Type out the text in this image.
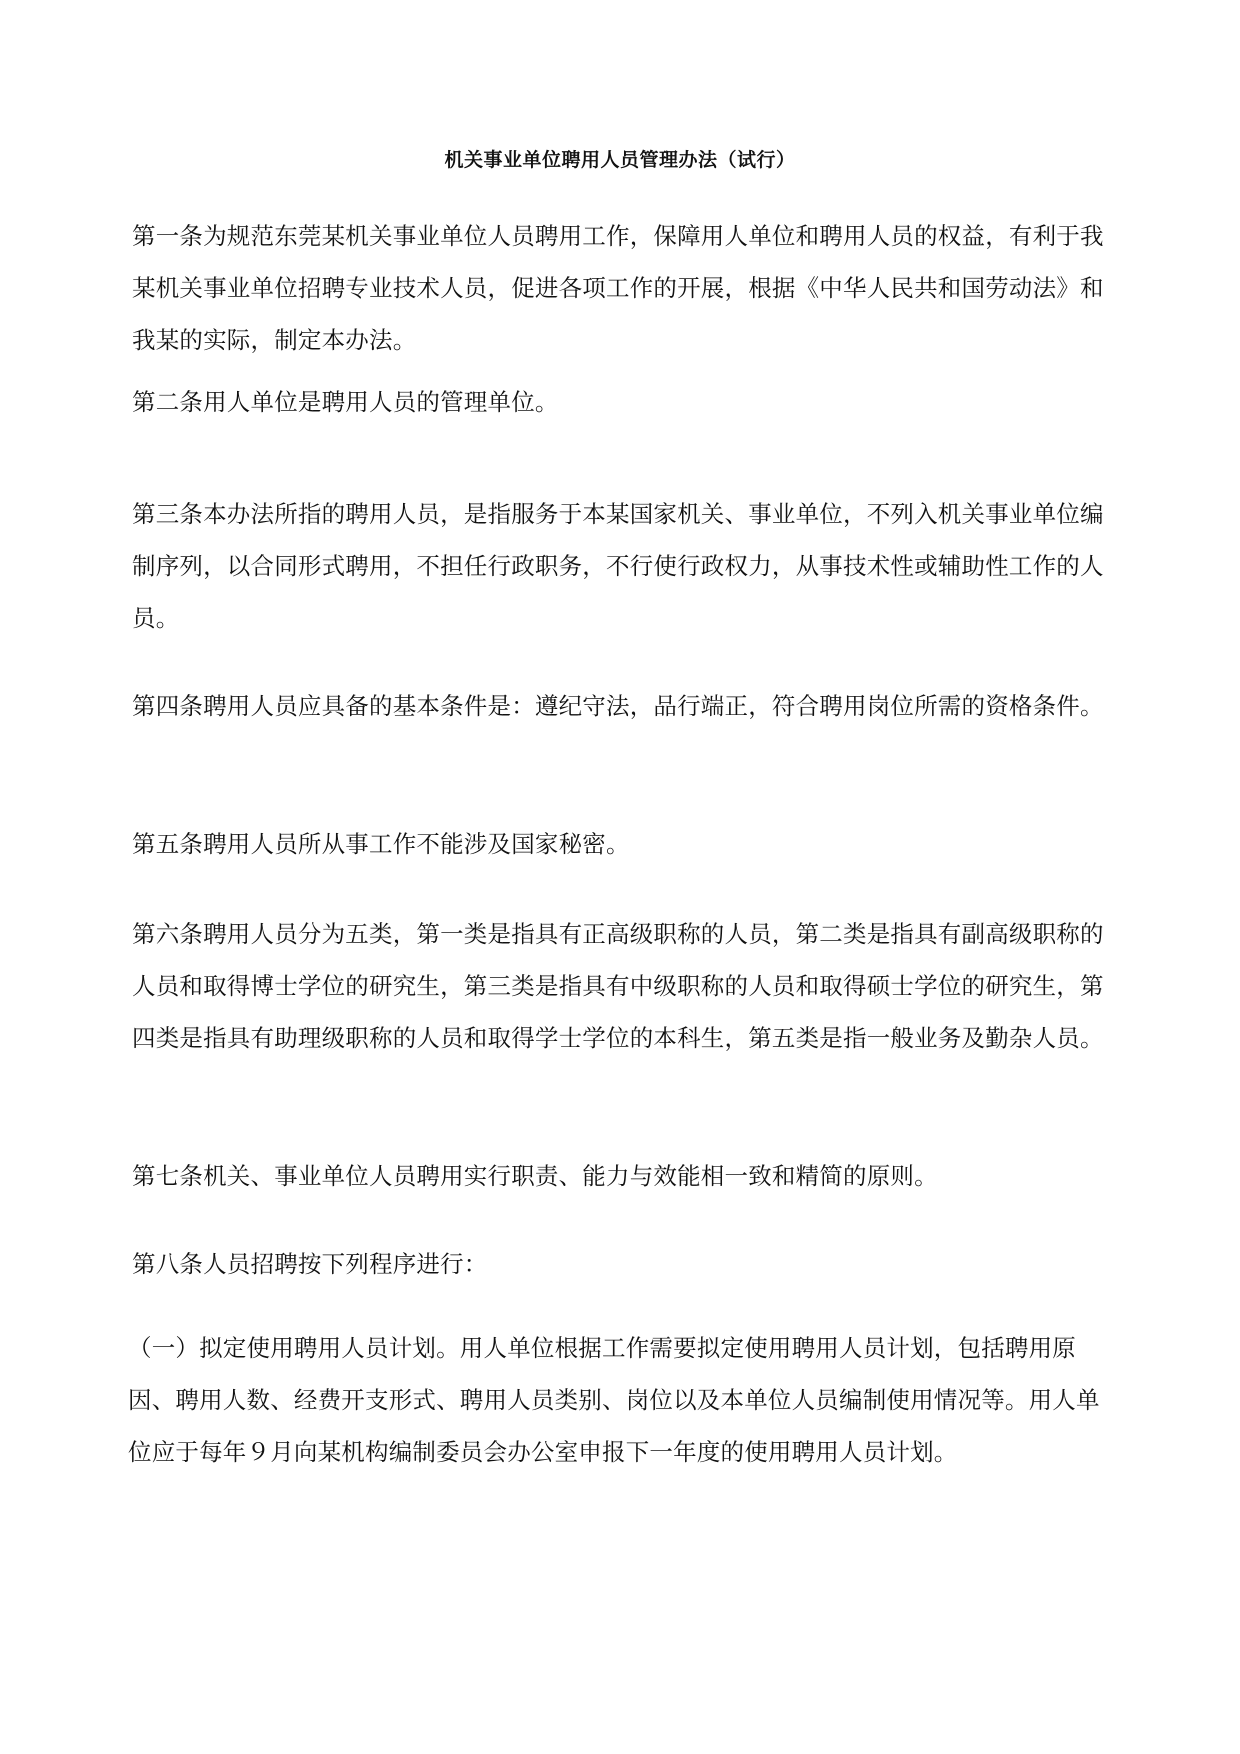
机关事业单位聘用人员管理办法（试行）

第一条为规范东莞某机关事业单位人员聘用工作，保障用人单位和聘用人员的权益，有利于我某机关事业单位招聘专业技术人员，促进各项工作的开展，根据《中华人民共和国劳动法》和我某的实际，制定本办法。

第二条用人单位是聘用人员的管理单位。

第三条本办法所指的聘用人员，是指服务于本某国家机关、事业单位，不列入机关事业单位编制序列，以合同形式聘用，不担任行政职务，不行使行政权力，从事技术性或辅助性工作的人员。

第四条聘用人员应具备的基本条件是：遵纪守法，品行端正，符合聘用岗位所需的资格条件。

第五条聘用人员所从事工作不能涉及国家秘密。

第六条聘用人员分为五类，第一类是指具有正高级职称的人员，第二类是指具有副高级职称的人员和取得博士学位的研究生，第三类是指具有中级职称的人员和取得硕士学位的研究生，第四类是指具有助理级职称的人员和取得学士学位的本科生，第五类是指一般业务及勤杂人员。

第七条机关、事业单位人员聘用实行职责、能力与效能相一致和精简的原则。

第八条人员招聘按下列程序进行：

（一）拟定使用聘用人员计划。用人单位根据工作需要拟定使用聘用人员计划，包括聘用原因、聘用人数、经费开支形式、聘用人员类别、岗位以及本单位人员编制使用情况等。用人单位应于每年９月向某机构编制委员会办公室申报下一年度的使用聘用人员计划。
